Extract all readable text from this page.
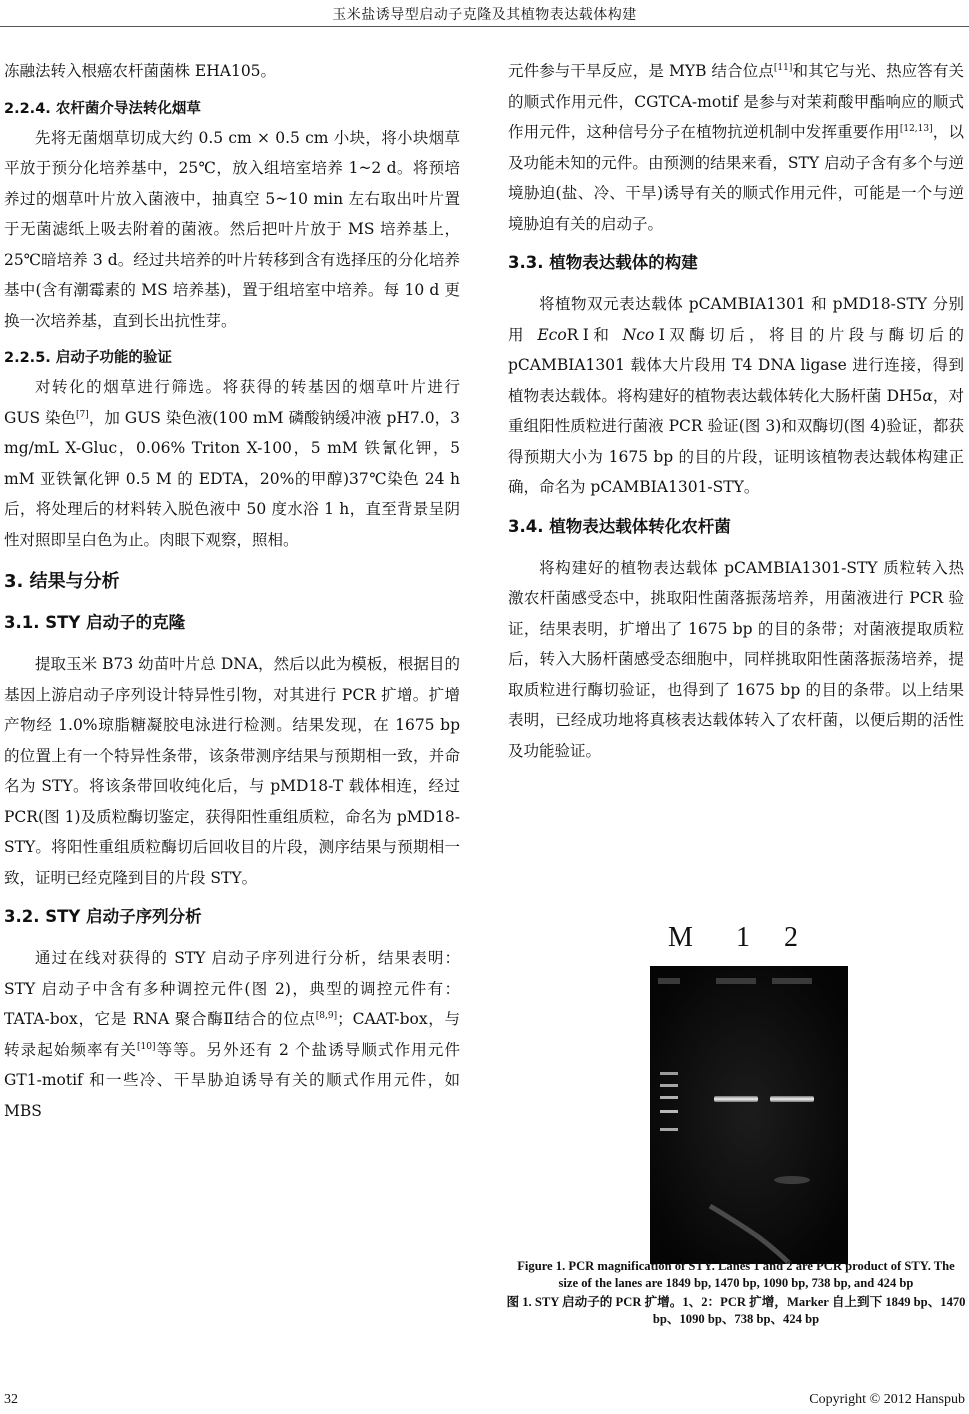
玉米盐诱导型启动子克隆及其植物表达载体构建

冻融法转入根癌农杆菌菌株 EHA105。

2.2.4. 农杆菌介导法转化烟草

先将无菌烟草切成大约 0.5 cm × 0.5 cm 小块，将小块烟草平放于预分化培养基中，25℃，放入组培室培养 1~2 d。将预培养过的烟草叶片放入菌液中，抽真空 5~10 min 左右取出叶片置于无菌滤纸上吸去附着的菌液。然后把叶片放于 MS 培养基上，25℃暗培养 3 d。经过共培养的叶片转移到含有选择压的分化培养基中(含有潮霉素的 MS 培养基)，置于组培室中培养。每 10 d 更换一次培养基，直到长出抗性芽。

2.2.5. 启动子功能的验证

对转化的烟草进行筛选。将获得的转基因的烟草叶片进行 GUS 染色[7]，加 GUS 染色液(100 mM 磷酸钠缓冲液 pH7.0，3 mg/mL X-Gluc，0.06% Triton X-100，5 mM 铁氰化钾，5 mM 亚铁氰化钾 0.5 M 的 EDTA，20%的甲醇)37℃染色 24 h 后，将处理后的材料转入脱色液中 50 度水浴 1 h，直至背景呈阴性对照即呈白色为止。肉眼下观察，照相。

3. 结果与分析
3.1. STY 启动子的克隆

提取玉米 B73 幼苗叶片总 DNA，然后以此为模板，根据目的基因上游启动子序列设计特异性引物，对其进行 PCR 扩增。扩增产物经 1.0%琼脂糖凝胶电泳进行检测。结果发现，在 1675 bp 的位置上有一个特异性条带，该条带测序结果与预期相一致，并命名为 STY。将该条带回收纯化后，与 pMD18-T 载体相连，经过 PCR(图 1)及质粒酶切鉴定，获得阳性重组质粒，命名为 pMD18-STY。将阳性重组质粒酶切后回收目的片段，测序结果与预期相一致，证明已经克隆到目的片段 STY。

3.2. STY 启动子序列分析

通过在线对获得的 STY 启动子序列进行分析，结果表明：STY 启动子中含有多种调控元件(图 2)，典型的调控元件有：TATA-box，它是 RNA 聚合酶Ⅱ结合的位点[8,9]；CAAT-box，与转录起始频率有关[10]等等。另外还有 2 个盐诱导顺式作用元件 GT1-motif 和一些冷、干旱胁迫诱导有关的顺式作用元件，如 MBS

元件参与干旱反应，是 MYB 结合位点[11]和其它与光、热应答有关的顺式作用元件，CGTCA-motif 是参与对茉莉酸甲酯响应的顺式作用元件，这种信号分子在植物抗逆机制中发挥重要作用[12,13]，以及功能未知的元件。由预测的结果来看，STY 启动子含有多个与逆境胁迫(盐、冷、干旱)诱导有关的顺式作用元件，可能是一个与逆境胁迫有关的启动子。

3.3. 植物表达载体的构建

将植物双元表达载体 pCAMBIA1301 和 pMD18-STY 分别用 EcoRⅠ和 NcoⅠ双酶切后，将目的片段与酶切后的 pCAMBIA1301 载体大片段用 T4 DNA ligase 进行连接，得到植物表达载体。将构建好的植物表达载体转化大肠杆菌 DH5α，对重组阳性质粒进行菌液 PCR 验证(图 3)和双酶切(图 4)验证，都获得预期大小为 1675 bp 的目的片段，证明该植物表达载体构建正确，命名为 pCAMBIA1301-STY。

3.4. 植物表达载体转化农杆菌

将构建好的植物表达载体 pCAMBIA1301-STY 质粒转入热激农杆菌感受态中，挑取阳性菌落振荡培养，用菌液进行 PCR 验证，结果表明，扩增出了 1675 bp 的目的条带；对菌液提取质粒后，转入大肠杆菌感受态细胞中，同样挑取阳性菌落振荡培养，提取质粒进行酶切验证，也得到了 1675 bp 的目的条带。以上结果表明，已经成功地将真核表达载体转入了农杆菌，以便后期的活性及功能验证。

M 1 2
Figure 1. PCR magnification of STY. Lanes 1 and 2 are PCR product of STY. The size of the lanes are 1849 bp, 1470 bp, 1090 bp, 738 bp, and 424 bp
图 1. STY 启动子的 PCR 扩增。1、2：PCR 扩增，Marker 自上到下 1849 bp、1470 bp、1090 bp、738 bp、424 bp
32	Copyright © 2012 Hanspub
